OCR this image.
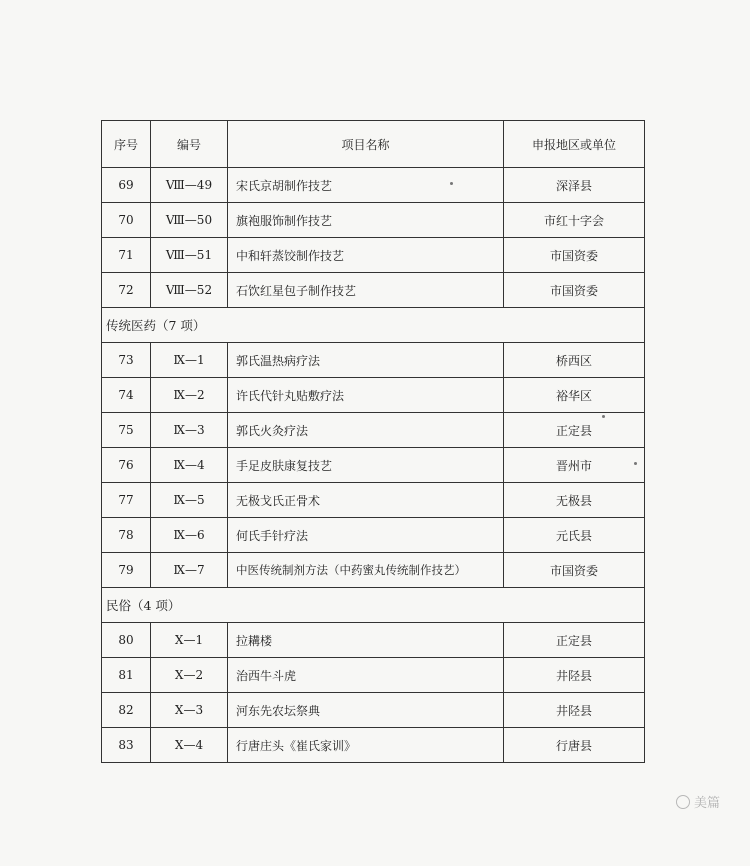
序号	编号	项目名称	申报地区或单位
69	Ⅷ—49	宋氏京胡制作技艺	深泽县
70	Ⅷ—50	旗袍服饰制作技艺	市红十字会
71	Ⅷ—51	中和轩蒸饺制作技艺	市国资委
72	Ⅷ—52	石饮红星包子制作技艺	市国资委
传统医药（7 项）			
73	Ⅸ—1	郭氏温热病疗法	桥西区
74	Ⅸ—2	许氏代针丸贴敷疗法	裕华区
75	Ⅸ—3	郭氏火灸疗法	正定县
76	Ⅸ—4	手足皮肤康复技艺	晋州市
77	Ⅸ—5	无极戈氏正骨术	无极县
78	Ⅸ—6	何氏手针疗法	元氏县
79	Ⅸ—7	中医传统制剂方法（中药蜜丸传统制作技艺）	市国资委
民俗（4 项）			
80	Ⅹ—1	拉耩楼	正定县
81	Ⅹ—2	治西牛斗虎	井陉县
82	Ⅹ—3	河东先农坛祭典	井陉县
83	Ⅹ—4	行唐庄头《崔氏家训》	行唐县
美篇
